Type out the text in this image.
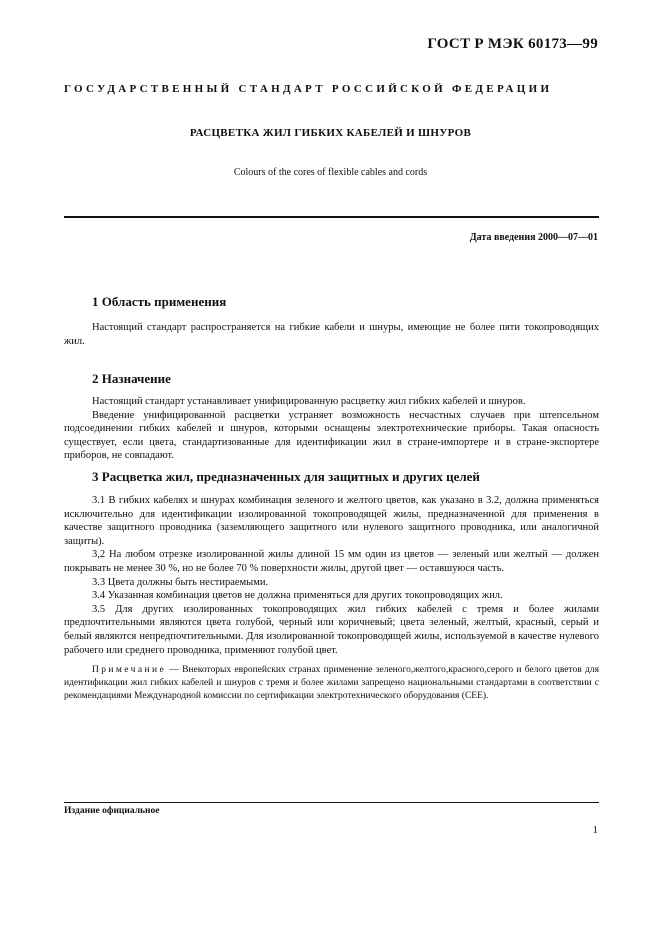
ГОСТ Р МЭК 60173—99
ГОСУДАРСТВЕННЫЙ СТАНДАРТ РОССИЙСКОЙ ФЕДЕРАЦИИ
РАСЦВЕТКА ЖИЛ ГИБКИХ КАБЕЛЕЙ И ШНУРОВ
Colours of the cores of flexible cables and cords
Дата введения 2000—07—01
1 Область применения

Настоящий стандарт распространяется на гибкие кабели и шнуры, имеющие не более пяти токопроводящих жил.

2 Назначение

Настоящий стандарт устанавливает унифицированную расцветку жил гибких кабелей и шнуров.

Введение унифицированной расцветки устраняет возможность несчастных случаев при штепсельном подсоединении гибких кабелей и шнуров, которыми оснащены электротехнические приборы. Такая опасность существует, если цвета, стандартизованные для идентификации жил в стране-импортере и в стране-экспортере приборов, не совпадают.

3 Расцветка жил, предназначенных для защитных и других целей

3.1 В гибких кабелях и шнурах комбинация зеленого и желтого цветов, как указано в 3.2, должна применяться исключительно для идентификации изолированной токопроводящей жилы, предназначенной для применения в качестве защитного проводника (заземляющего защитного или нулевого защитного проводника, или аналогичной защиты).

3,2 На любом отрезке изолированной жилы длиной 15 мм один из цветов — зеленый или желтый — должен покрывать не менее 30 %, но не более 70 % поверхности жилы, другой цвет — оставшуюся часть.

3.3 Цвета должны быть нестираемыми.

3.4 Указанная комбинация цветов не должна применяться для других токопроводящих жил.

3.5 Для других изолированных токопроводящих жил гибких кабелей с тремя и более жилами предпочтительными являются цвета голубой, черный или коричневый; цвета зеленый, желтый, красный, серый и белый являются непредпочтительными. Для изолированной токопроводящей жилы, используемой в качестве нулевого рабочего или среднего проводника, применяют голубой цвет.

Примечание — Внекоторых европейских странах применение зеленого,желтого,красного,серого и белого цветов для идентификации жил гибких кабелей и шнуров с тремя и более жилами запрещено национальными стандартами в соответствии с рекомендациями Международной комиссии по сертификации электротехнического оборудования (СЕЕ).
Издание официальное
1
